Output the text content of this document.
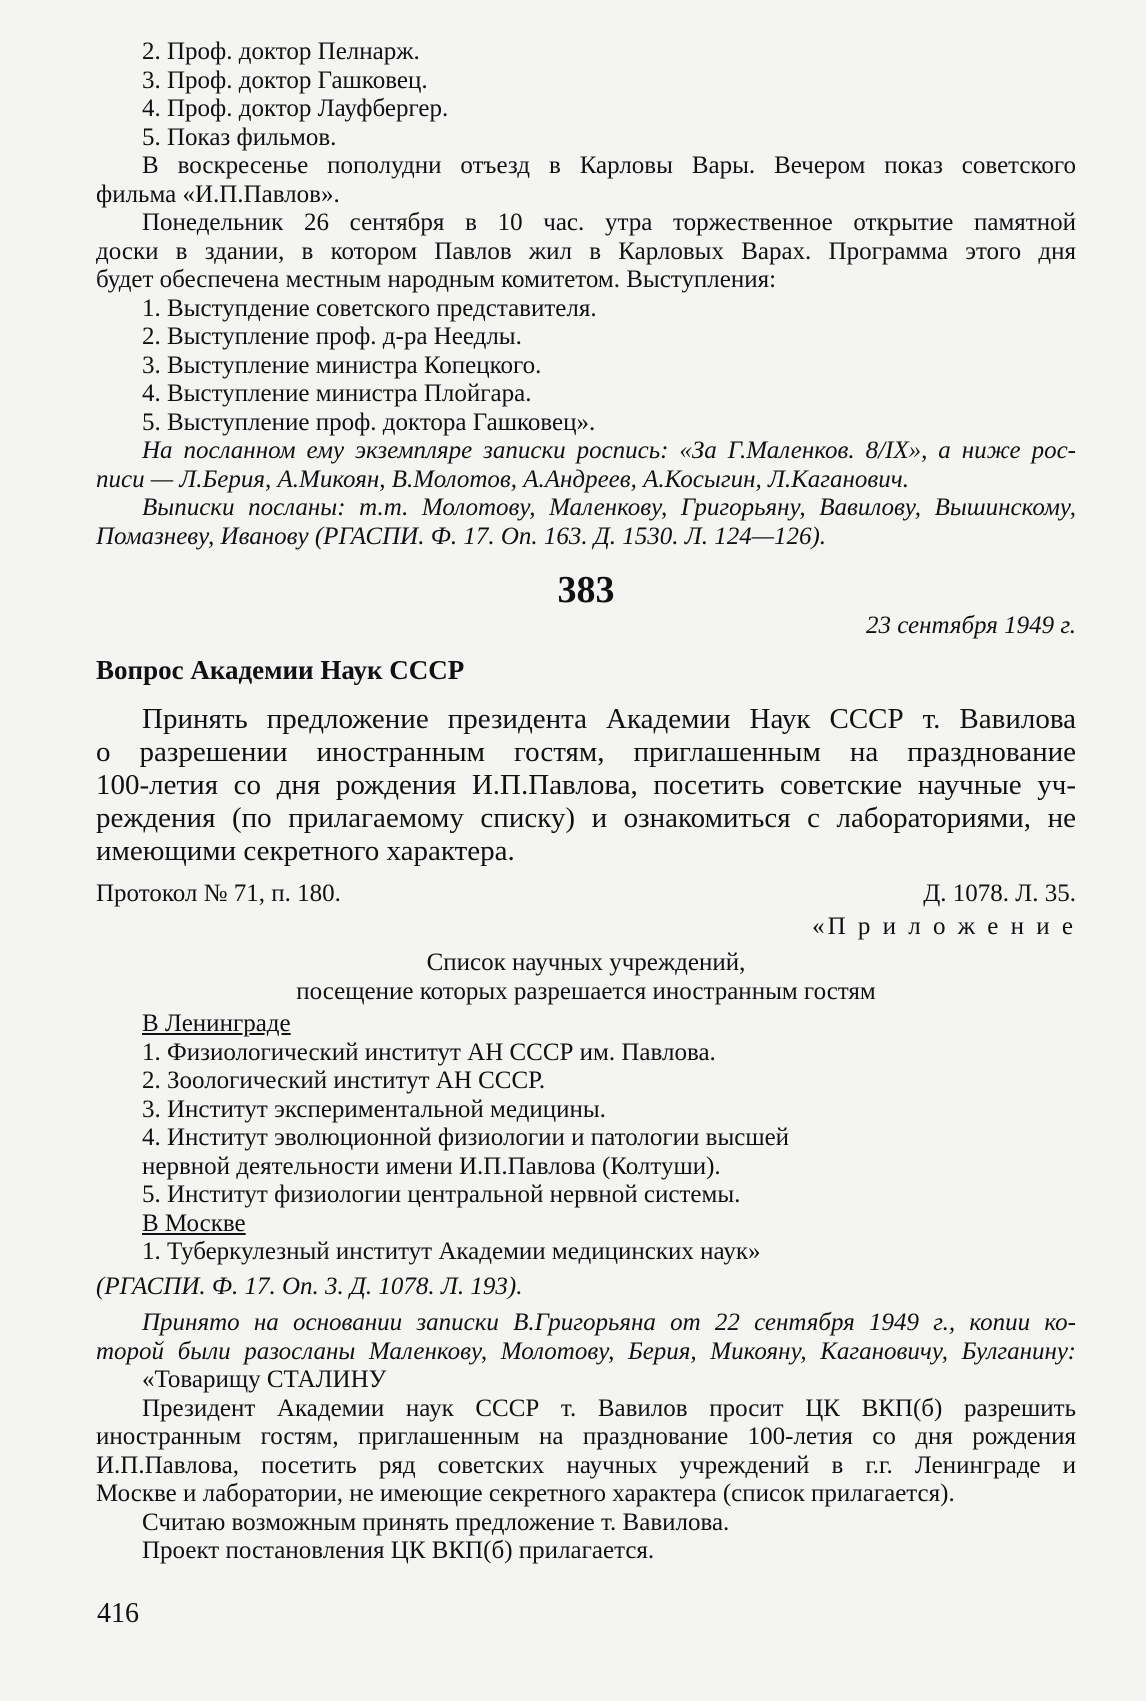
2. Проф. доктор Пелнарж.

3. Проф. доктор Гашковец.

4. Проф. доктор Лауфбергер.

5. Показ фильмов.

В воскресенье пополудни отъезд в Карловы Вары. Вечером показ советского

фильма «И.П.Павлов».

Понедельник 26 сентября в 10 час. утра торжественное открытие памятной

доски в здании, в котором Павлов жил в Карловых Варах. Программа этого дня

будет обеспечена местным народным комитетом. Выступления:

1. Выступдение советского представителя.

2. Выступление проф. д-ра Неедлы.

3. Выступление министра Копецкого.

4. Выступление министра Плойгара.

5. Выступление проф. доктора Гашковец».

На посланном ему экземпляре записки роспись: «За Г.Маленков. 8/IX», а ниже рос-

писи — Л.Берия, А.Микоян, В.Молотов, А.Андреев, А.Косыгин, Л.Каганович.

Выписки посланы: т.т. Молотову, Маленкову, Григорьяну, Вавилову, Вышинскому,

Помазневу, Иванову (РГАСПИ. Ф. 17. Оп. 163. Д. 1530. Л. 124—126).

383
23 сентября 1949 г.
Вопрос Академии Наук СССР

Принять предложение президента Академии Наук СССР т. Вавилова

о разрешении иностранным гостям, приглашенным на празднование

100-летия со дня рождения И.П.Павлова, посетить советские научные уч-

реждения (по прилагаемому списку) и ознакомиться с лабораториями, не

имеющими секретного характера.

Протокол № 71, п. 180.	Д. 1078. Л. 35.
«П р и л о ж е н и е
Список научных учреждений,
посещение которых разрешается иностранным гостям

В Ленинграде

1. Физиологический институт АН СССР им. Павлова.

2. Зоологический институт АН СССР.

3. Институт экспериментальной медицины.

4. Институт эволюционной физиологии и патологии высшей

нервной деятельности имени И.П.Павлова (Колтуши).

5. Институт физиологии центральной нервной системы.

В Москве

1. Туберкулезный институт Академии медицинских наук»

(РГАСПИ. Ф. 17. Оп. 3. Д. 1078. Л. 193).

Принято на основании записки В.Григорьяна от 22 сентября 1949 г., копии ко-

торой были разосланы Маленкову, Молотову, Берия, Микояну, Кагановичу, Булганину:

«Товарищу СТАЛИНУ

Президент Академии наук СССР т. Вавилов просит ЦК ВКП(б) разрешить

иностранным гостям, приглашенным на празднование 100-летия со дня рождения

И.П.Павлова, посетить ряд советских научных учреждений в г.г. Ленинграде и

Москве и лаборатории, не имеющие секретного характера (список прилагается).

Считаю возможным принять предложение т. Вавилова.

Проект постановления ЦК ВКП(б) прилагается.

416
